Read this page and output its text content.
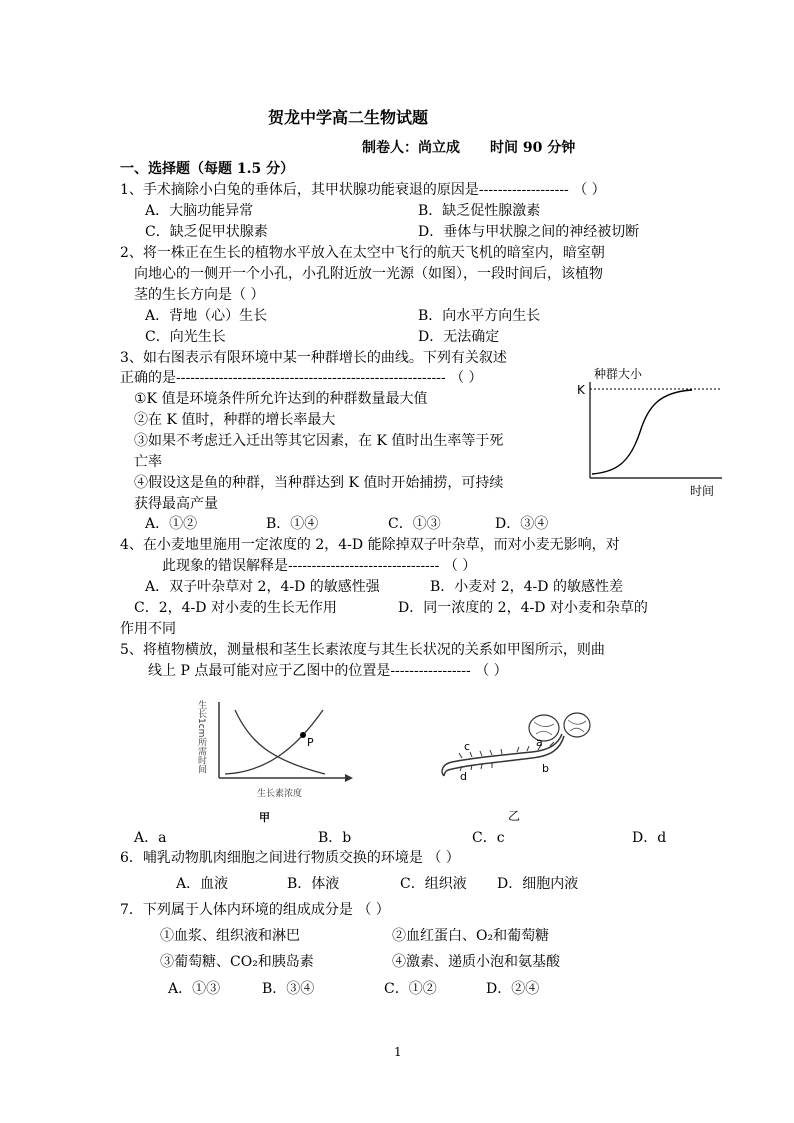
贺龙中学高二生物试题
制卷人：尚立成 时间 90 分钟
一、选择题（每题 1.5 分）
1、手术摘除小白兔的垂体后，其甲状腺功能衰退的原因是------------------- （ ）
A．大脑功能异常	B．缺乏促性腺激素
C．缺乏促甲状腺素	D．垂体与甲状腺之间的神经被切断
2、将一株正在生长的植物水平放入在太空中飞行的航天飞机的暗室内，暗室朝
向地心的一侧开一个小孔，小孔附近放一光源（如图），一段时间后，该植物
茎的生长方向是（ ）
A．背地（心）生长	B．向水平方向生长
C．向光生长	D．无法确定
3、如右图表示有限环境中某一种群增长的曲线。下列有关叙述
正确的是--------------------------------------------------------- （ ）
①K 值是环境条件所允许达到的种群数量最大值
②在 K 值时，种群的增长率最大
③如果不考虑迁入迁出等其它因素，在 K 值时出生率等于死
亡率
④假设这是鱼的种群，当种群达到 K 值时开始捕捞，可持续
获得最高产量
A．①②	B．①④	C．①③	D．③④
种群大小
K
时间
4、在小麦地里施用一定浓度的 2，4-D 能除掉双子叶杂草，而对小麦无影响，对
此现象的错误解释是-------------------------------- （ ）
A．双子叶杂草对 2，4-D 的敏感性强	B．小麦对 2，4-D 的敏感性差
C．2，4-D 对小麦的生长无作用	D．同一浓度的 2，4-D 对小麦和杂草的
作用不同
5、将植物横放，测量根和茎生长素浓度与其生长状况的关系如甲图所示，则曲
线上 P 点最可能对应于乙图中的位置是----------------- （ ）
生长1cm所需时间	P
生长素浓度
甲
c
d
a
b
乙
A．a	B．b	C．c	D．d
6．哺乳动物肌肉细胞之间进行物质交换的环境是 （ ）
A．血液	B．体液	C．组织液 D．细胞内液
7．下列属于人体内环境的组成成分是 （ ）
①血浆、组织液和淋巴	②血红蛋白、O₂和葡萄糖
③葡萄糖、CO₂和胰岛素	④激素、递质小泡和氨基酸
A．①③	B．③④	C．①②	D．②④
1
